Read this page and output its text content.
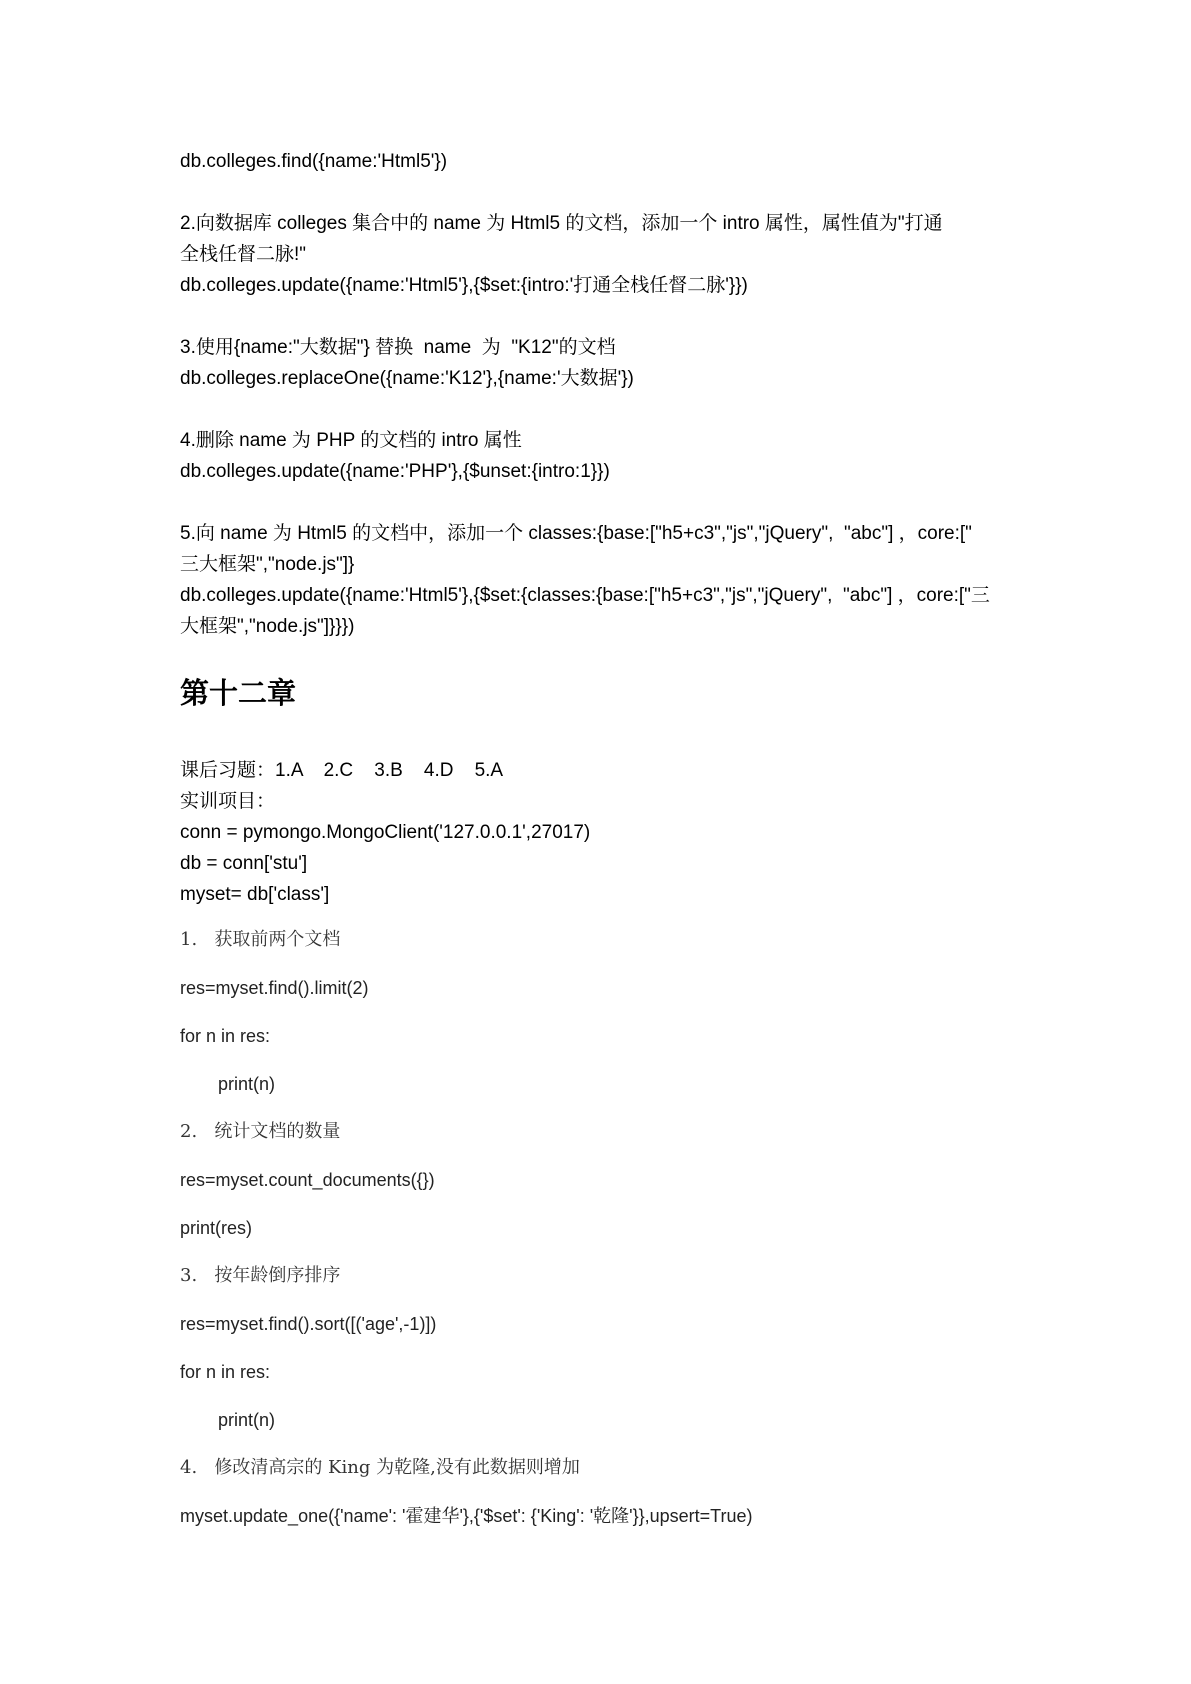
db.colleges.find({name:'Html5'})
2.向数据库 colleges 集合中的 name 为 Html5 的文档，添加一个 intro 属性，属性值为"打通
全栈任督二脉!"
db.colleges.update({name:'Html5'},{$set:{intro:'打通全栈任督二脉'}})
3.使用{name:"大数据"} 替换  name  为  "K12"的文档
db.colleges.replaceOne({name:'K12'},{name:'大数据'})
4.删除 name 为 PHP 的文档的 intro 属性
db.colleges.update({name:'PHP'},{$unset:{intro:1}})
5.向 name 为 Html5 的文档中，添加一个 classes:{base:["h5+c3","js","jQuery",  "abc"] ，core:["
三大框架","node.js"]}
db.colleges.update({name:'Html5'},{$set:{classes:{base:["h5+c3","js","jQuery",  "abc"] ，core:["三
大框架","node.js"]}}})
第十二章
课后习题：1.A    2.C    3.B    4.D    5.A
实训项目：
conn = pymongo.MongoClient('127.0.0.1',27017)
db = conn['stu']
myset= db['class']
1.   获取前两个文档
res=myset.find().limit(2)
for n in res:
print(n)
2.   统计文档的数量
res=myset.count_documents({})
print(res)
3.   按年龄倒序排序
res=myset.find().sort([('age',-1)])
for n in res:
print(n)
4.   修改清高宗的 King 为乾隆,没有此数据则增加
myset.update_one({'name': '霍建华'},{'$set': {'King': '乾隆'}},upsert=True)
